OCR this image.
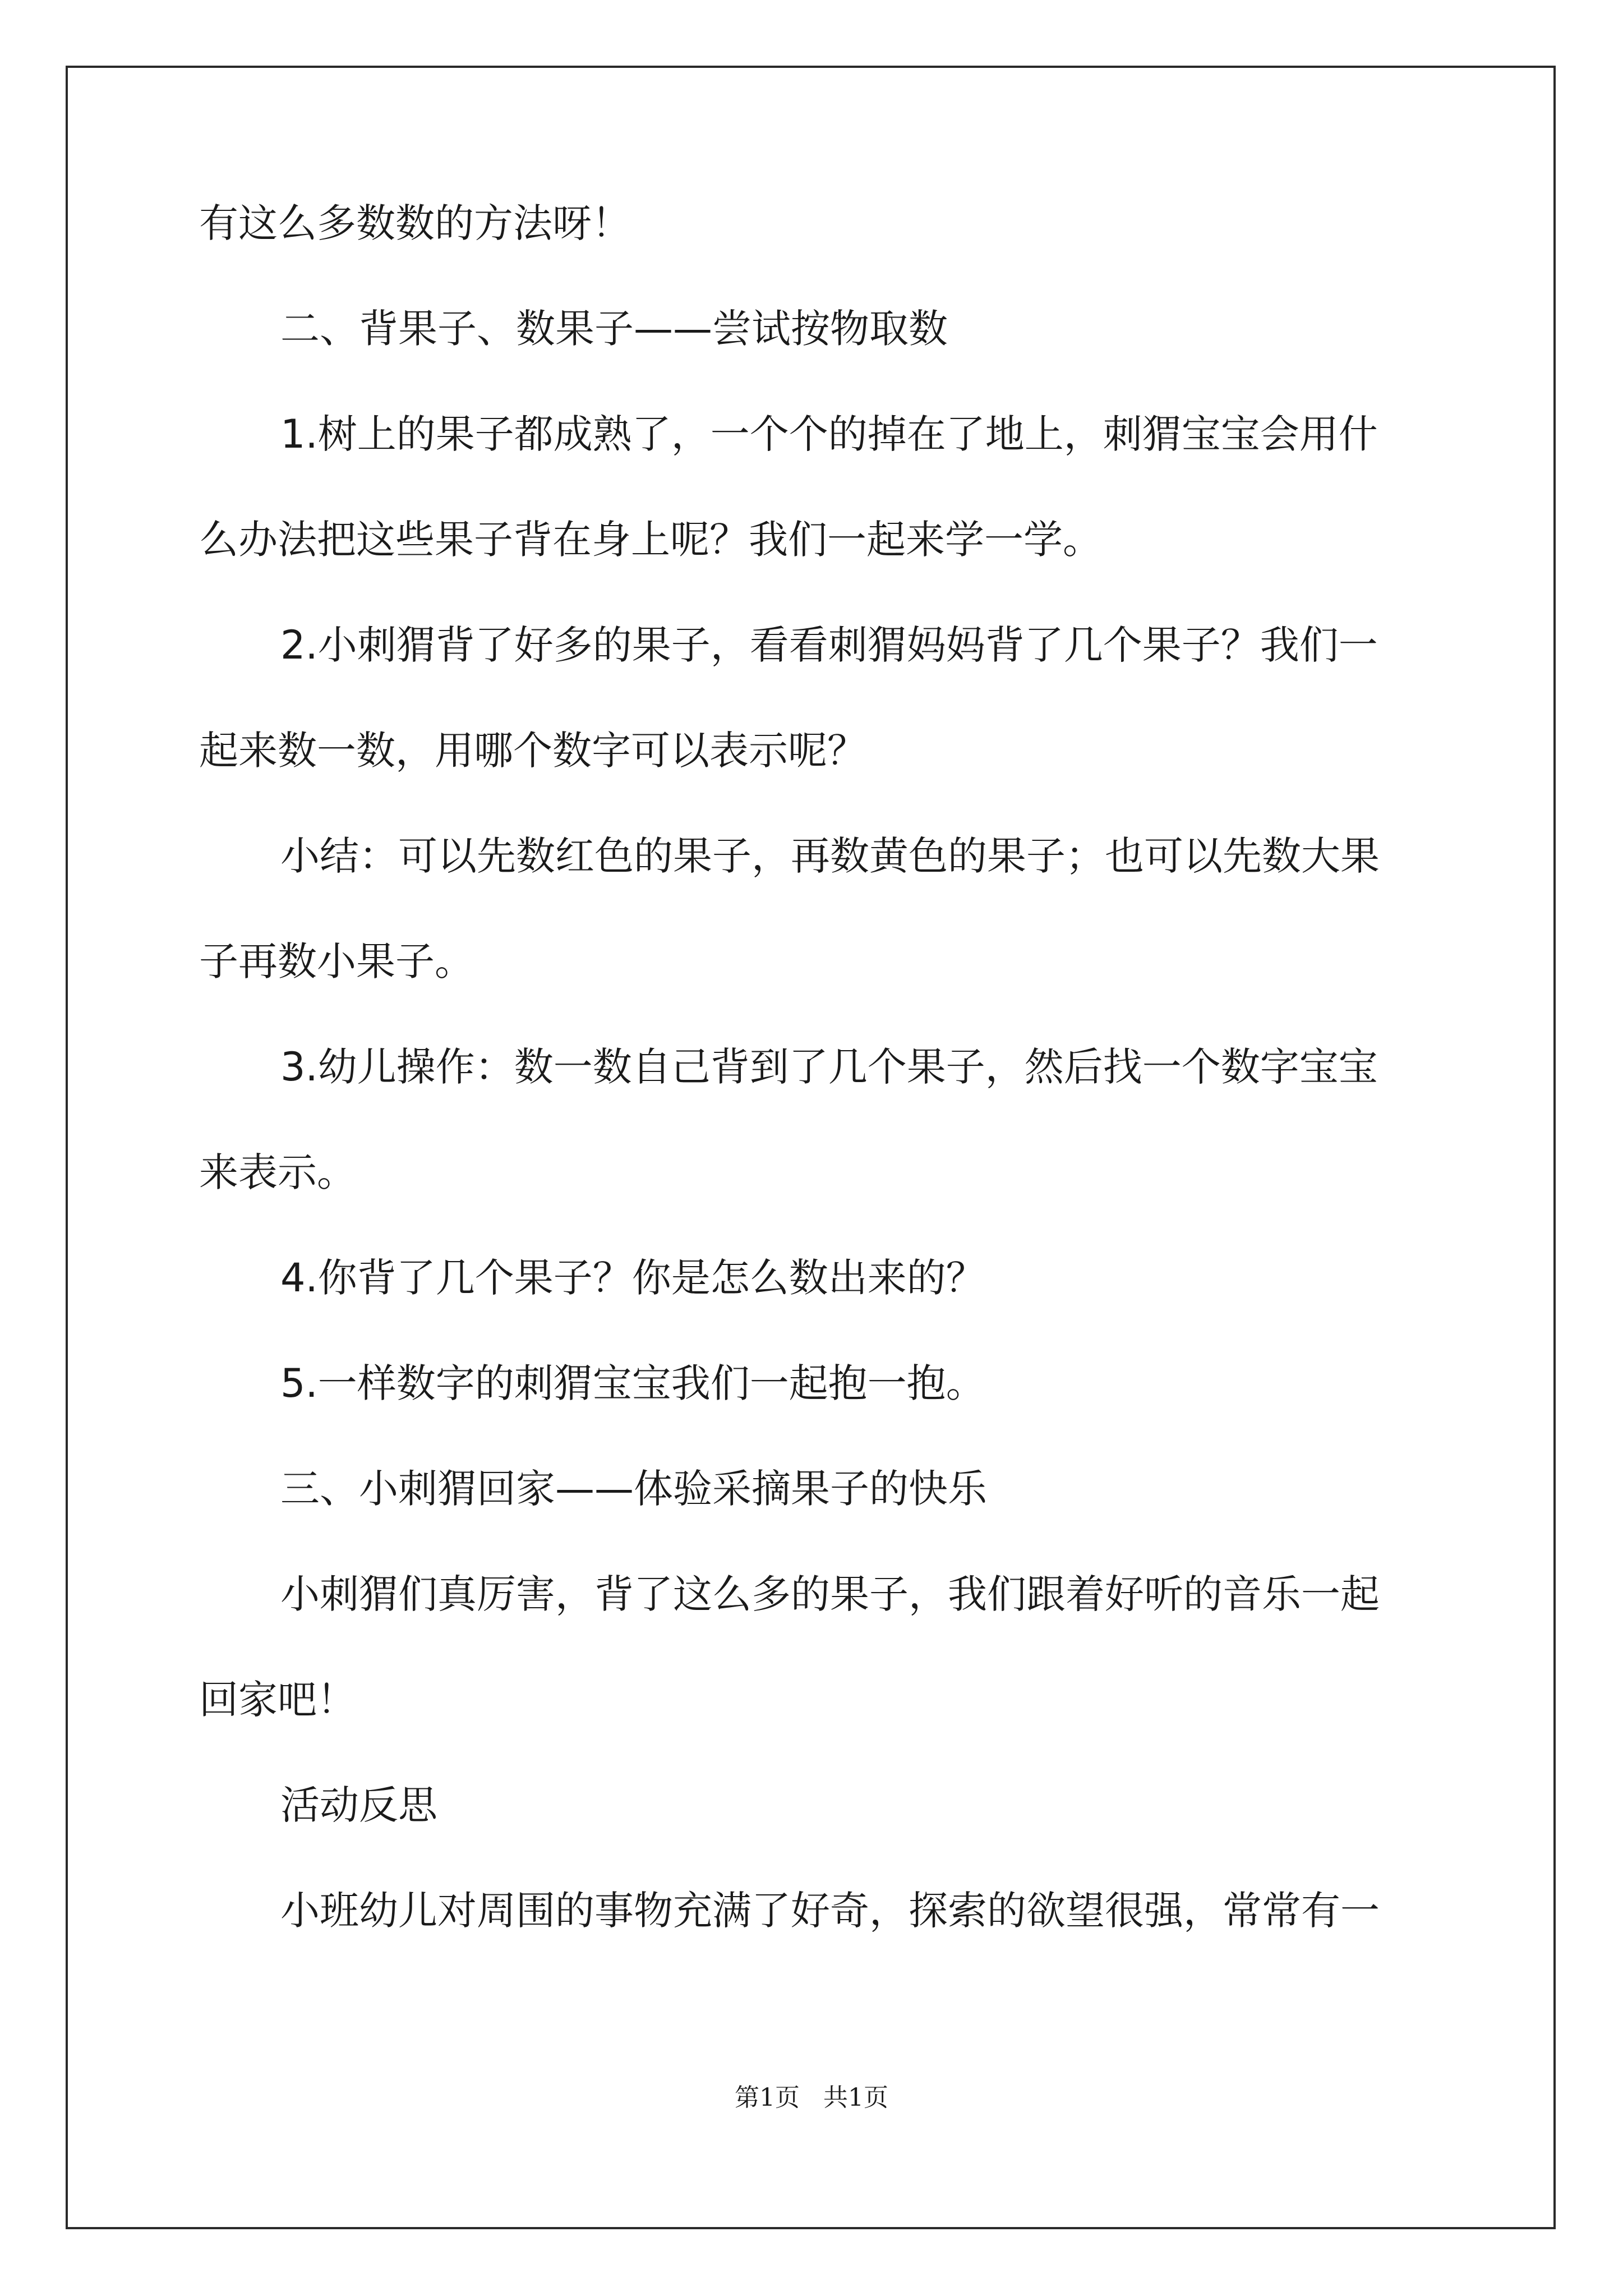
有这么多数数的方法呀！
二、背果子、数果子——尝试按物取数
1.树上的果子都成熟了，一个个的掉在了地上，刺猬宝宝会用什
么办法把这些果子背在身上呢？我们一起来学一学。
2.小刺猬背了好多的果子，看看刺猬妈妈背了几个果子？我们一
起来数一数，用哪个数字可以表示呢？
小结：可以先数红色的果子，再数黄色的果子；也可以先数大果
子再数小果子。
3.幼儿操作：数一数自己背到了几个果子，然后找一个数字宝宝
来表示。
4.你背了几个果子？你是怎么数出来的？
5.一样数字的刺猬宝宝我们一起抱一抱。
三、小刺猬回家——体验采摘果子的快乐
小刺猬们真厉害，背了这么多的果子，我们跟着好听的音乐一起
回家吧！
活动反思
小班幼儿对周围的事物充满了好奇，探索的欲望很强，常常有一
第1页   共1页
